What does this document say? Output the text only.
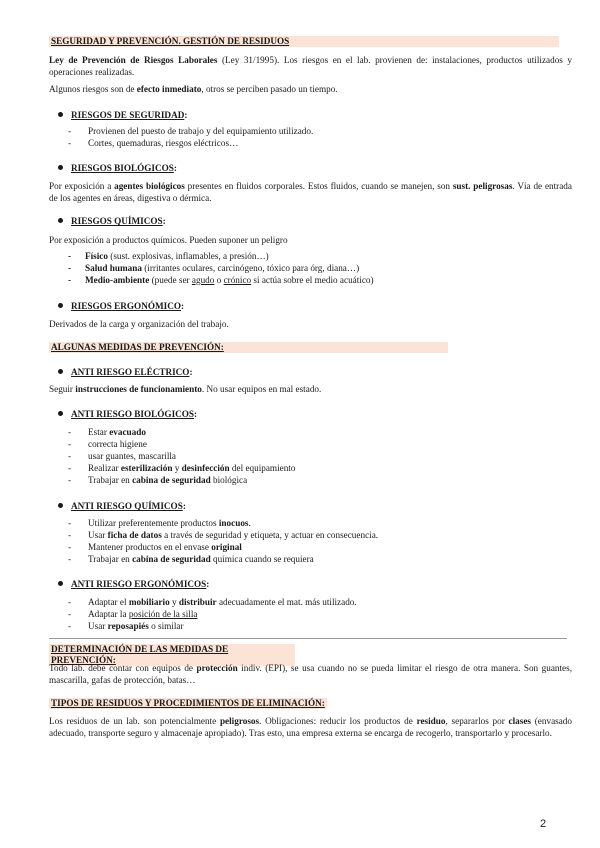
SEGURIDAD Y PREVENCIÓN. GESTIÓN DE RESIDUOS
Ley de Prevención de Riesgos Laborales (Ley 31/1995). Los riesgos en el lab. provienen de: instalaciones, productos utilizados y operaciones realizadas.
Algunos riesgos son de efecto inmediato, otros se perciben pasado un tiempo.
RIESGOS DE SEGURIDAD:
- Provienen del puesto de trabajo y del equipamiento utilizado.
- Cortes, quemaduras, riesgos eléctricos…
RIESGOS BIOLÓGICOS:
Por exposición a agentes biológicos presentes en fluidos corporales. Estos fluidos, cuando se manejen, son sust. peligrosas. Vía de entrada de los agentes en áreas, digestiva o dérmica.
RIESGOS QUÍMICOS:
Por exposición a productos químicos. Pueden suponer un peligro
- Físico (sust. explosivas, inflamables, a presión…)
- Salud humana (irritantes oculares, carcinógeno, tóxico para órg, diana…)
- Medio-ambiente (puede ser agudo o crónico si actúa sobre el medio acuático)
RIESGOS ERGONÓMICO:
Derivados de la carga y organización del trabajo.
ALGUNAS MEDIDAS DE PREVENCIÓN:
ANTI RIESGO ELÉCTRICO:
Seguir instrucciones de funcionamiento. No usar equipos en mal estado.
ANTI RIESGO BIOLÓGICOS:
- Estar evacuado
- correcta higiene
- usar guantes, mascarilla
- Realizar esterilización y desinfección del equipamiento
- Trabajar en cabina de seguridad biológica
ANTI RIESGO QUÍMICOS:
- Utilizar preferentemente productos inocuos.
- Usar ficha de datos a través de seguridad y etiqueta, y actuar en consecuencia.
- Mantener productos en el envase original
- Trabajar en cabina de seguridad química cuando se requiera
ANTI RIESGO ERGONÓMICOS:
- Adaptar el mobiliario y distribuir adecuadamente el mat. más utilizado.
- Adaptar la posición de la silla
- Usar reposapiés o similar
DETERMINACIÓN DE LAS MEDIDAS DE PREVENCIÓN:
Todo lab. debe contar con equipos de protección indiv. (EPI), se usa cuando no se pueda limitar el riesgo de otra manera. Son guantes, mascarilla, gafas de protección, batas…
TIPOS DE RESIDUOS Y PROCEDIMIENTOS DE ELIMINACIÓN:
Los residuos de un lab. son potencialmente peligrosos. Obligaciones: reducir los productos de residuo, separarlos por clases (envasado adecuado, transporte seguro y almacenaje apropiado). Tras esto, una empresa externa se encarga de recogerlo, transportarlo y procesarlo.
2
